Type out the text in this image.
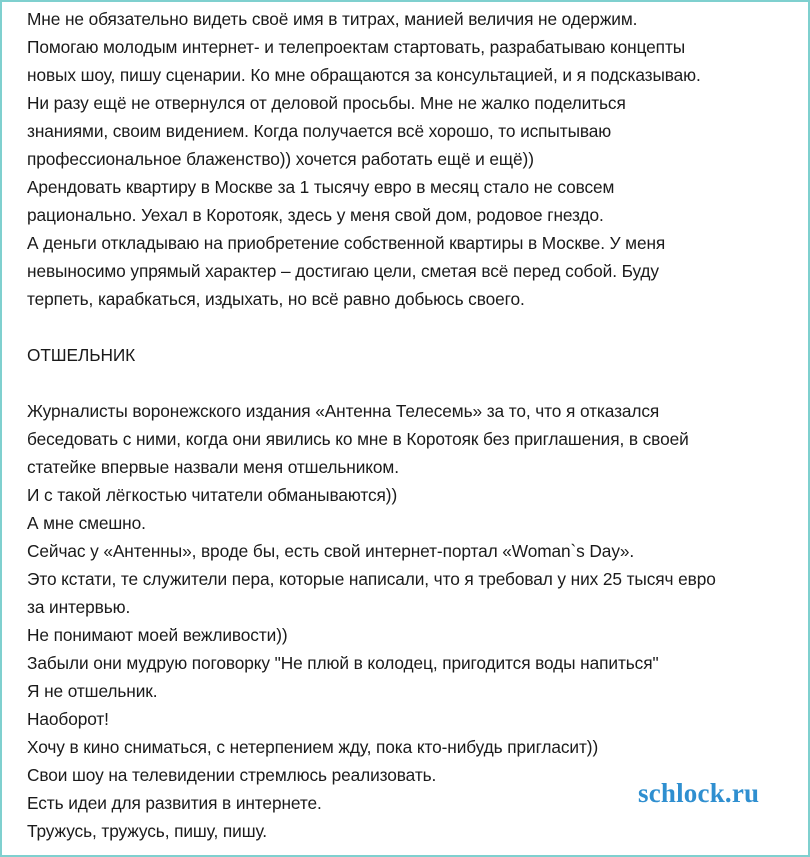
Мне не обязательно видеть своё имя в титрах, манией величия не одержим.
Помогаю молодым интернет- и телепроектам стартовать, разрабатываю концепты
новых шоу, пишу сценарии. Ко мне обращаются за консультацией, и я подсказываю.
Ни разу ещё не отвернулся от деловой просьбы. Мне не жалко поделиться
знаниями, своим видением. Когда получается всё хорошо, то испытываю
профессиональное блаженство)) хочется работать ещё и ещё))
Арендовать квартиру в Москве за 1 тысячу евро в месяц стало не совсем
рационально. Уехал в Коротояк, здесь у меня свой дом, родовое гнездо.
А деньги откладываю на приобретение собственной квартиры в Москве. У меня
невыносимо упрямый характер – достигаю цели, сметая всё перед собой. Буду
терпеть, карабкаться, издыхать, но всё равно добьюсь своего.
ОТШЕЛЬНИК
Журналисты воронежского издания «Антенна Телесемь» за то, что я отказался
беседовать с ними, когда они явились ко мне в Коротояк без приглашения, в своей
статейке впервые назвали меня отшельником.
И с такой лёгкостью читатели обманываются))
А мне смешно.
Сейчас у «Антенны», вроде бы, есть свой интернет-портал «Woman`s Day».
Это кстати, те служители пера, которые написали, что я требовал у них 25 тысяч евро
за интервью.
Не понимают моей вежливости))
Забыли они мудрую поговорку "Не плюй в колодец, пригодится воды напиться"
Я не отшельник.
Наоборот!
Хочу в кино сниматься, с нетерпением жду, пока кто-нибудь пригласит))
Свои шоу на телевидении стремлюсь реализовать.
Есть идеи для развития в интернете.
Тружусь, тружусь, пишу, пишу.
schlock.ru
